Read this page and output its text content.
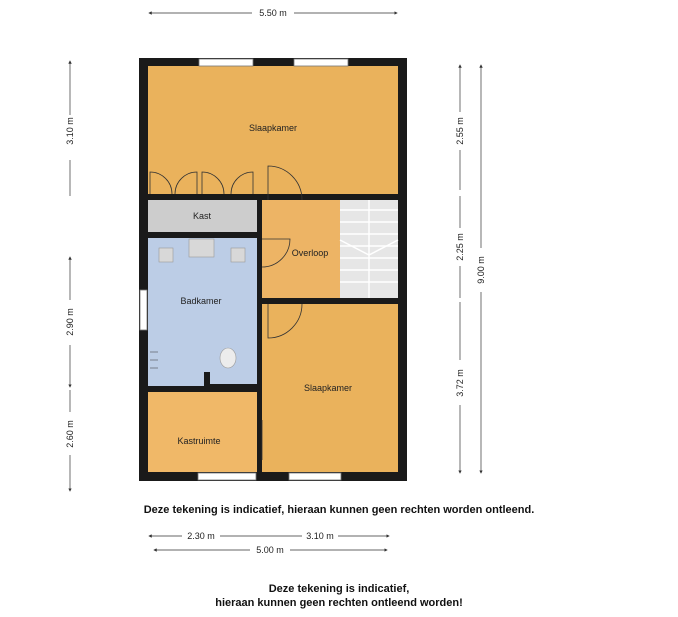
Slaapkamer
Kast
Overloop
Badkamer
Slaapkamer
Kastruimte
5.50 m
3.10 m
2.90 m
2.60 m
2.55 m
2.25 m
3.72 m
9.00 m
2.30 m	3.10 m
5.00 m
Deze tekening is indicatief, hieraan kunnen geen rechten worden ontleend.
Deze tekening is indicatief,
hieraan kunnen geen rechten ontleend worden!
